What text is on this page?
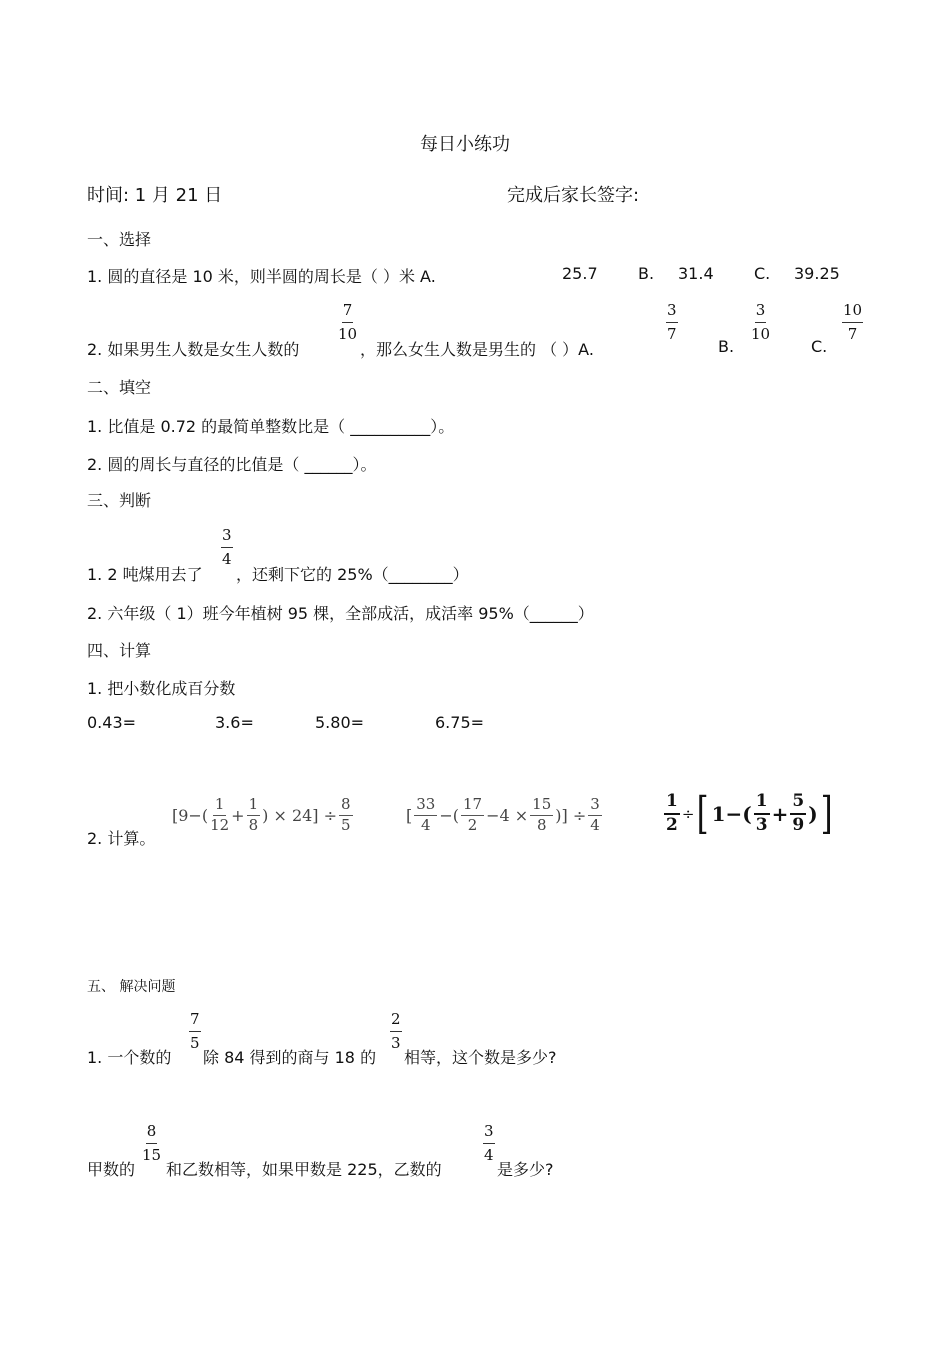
每日小练功
时间: 1 月 21 日	完成后家长签字:
一、选择
1. 圆的直径是 10 米，则半圆的周长是（ ）米 A.	25.7	B. 31.4	C. 39.25
2. 如果男生人数是女生人数的
$\frac{7}{10}$
，那么女生人数是男生的 （ ）A.
$\frac{3}{7}$
B.
$\frac{3}{10}$
C.
$\frac{10}{7}$
二、填空
1. 比值是 0.72 的最简单整数比是（ __________）。
2. 圆的周长与直径的比值是（ ______）。
三、判断
1. 2 吨煤用去了
$\frac{3}{4}$
，还剩下它的 25%（________）
2. 六年级（ 1）班今年植树 95 棵，全部成活，成活率 95%（______）
四、计算
1. 把小数化成百分数
0.43=	3.6=	5.80=	6.75=
2. 计算。
[9−(
1
$12 + \frac{1}{8}$ ) × $24] \div \frac{8}{5}$	[
33
4 −(
17
$2 -4 \times \frac{15}{8}$ )] ÷ $\frac{3}{4}$	$\frac{1}{2}$ ÷ [ 1−(
1
$3 + \frac{5}{9}$ ) ]
五、 解决问题
1. 一个数的
$\frac{7}{5}$
除 84 得到的商与 18 的
$\frac{2}{3}$
相等，这个数是多少?
甲数的
$\frac{8}{15}$
和乙数相等，如果甲数是 225，乙数的
$\frac{3}{4}$
是多少?
